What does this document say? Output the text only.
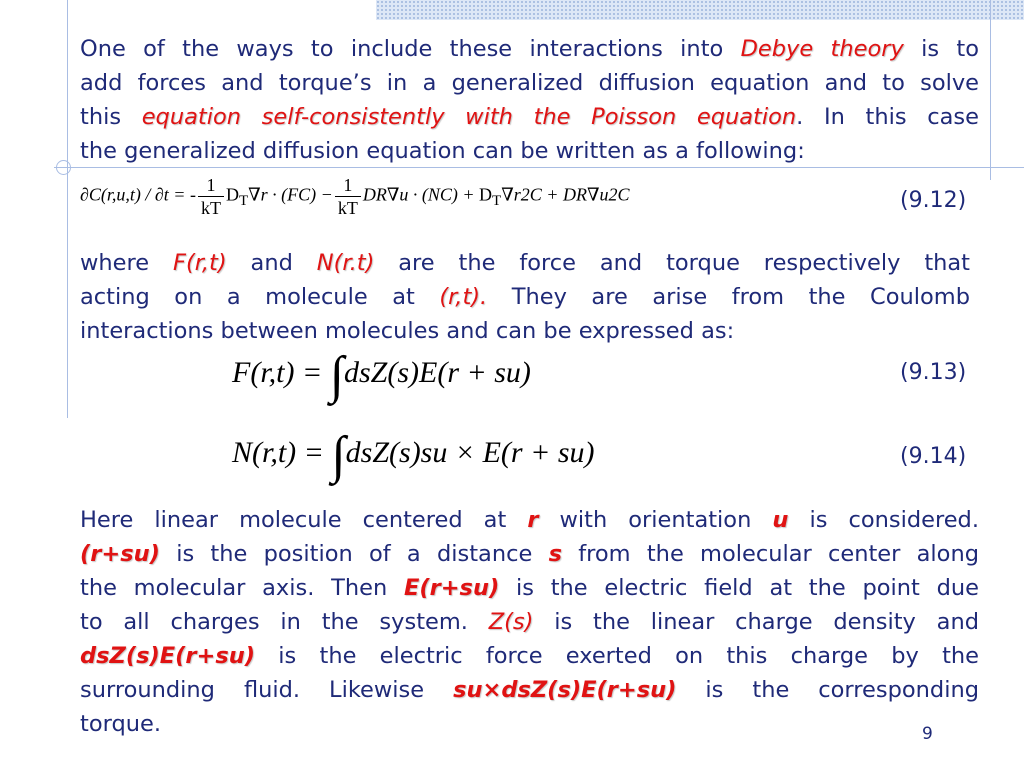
One of the ways to include these interactions into Debye theory is to
add forces and torque’s in a generalized diffusion equation and to solve
this equation self-consistently with the Poisson equation. In this case
the generalized diffusion equation can be written as a following:
∂C(r,u,t) / ∂t = - $\frac{1}{kT} D_T\nabla r \cdot (FC) - \frac{1}{kT} DR\nabla u \cdot (NC) + D_T\nabla r2C + DR\nabla u2C$	(9.12)
where F(r,t) and N(r.t) are the force and torque respectively that
acting on a molecule at (r,t). They are arise from the Coulomb
interactions between molecules and can be expressed as:
F(r,t) = ∫dsZ(s)E(r + su)	(9.13)
N(r,t) = ∫dsZ(s)su × E(r + su)	(9.14)
Here linear molecule centered at r with orientation u is considered.
(r+su) is the position of a distance s from the molecular center along
the molecular axis. Then E(r+su) is the electric field at the point due
to all charges in the system. Z(s) is the linear charge density and
dsZ(s)E(r+su) is the electric force exerted on this charge by the
surrounding fluid. Likewise su×dsZ(s)E(r+su) is the corresponding
torque.	9
